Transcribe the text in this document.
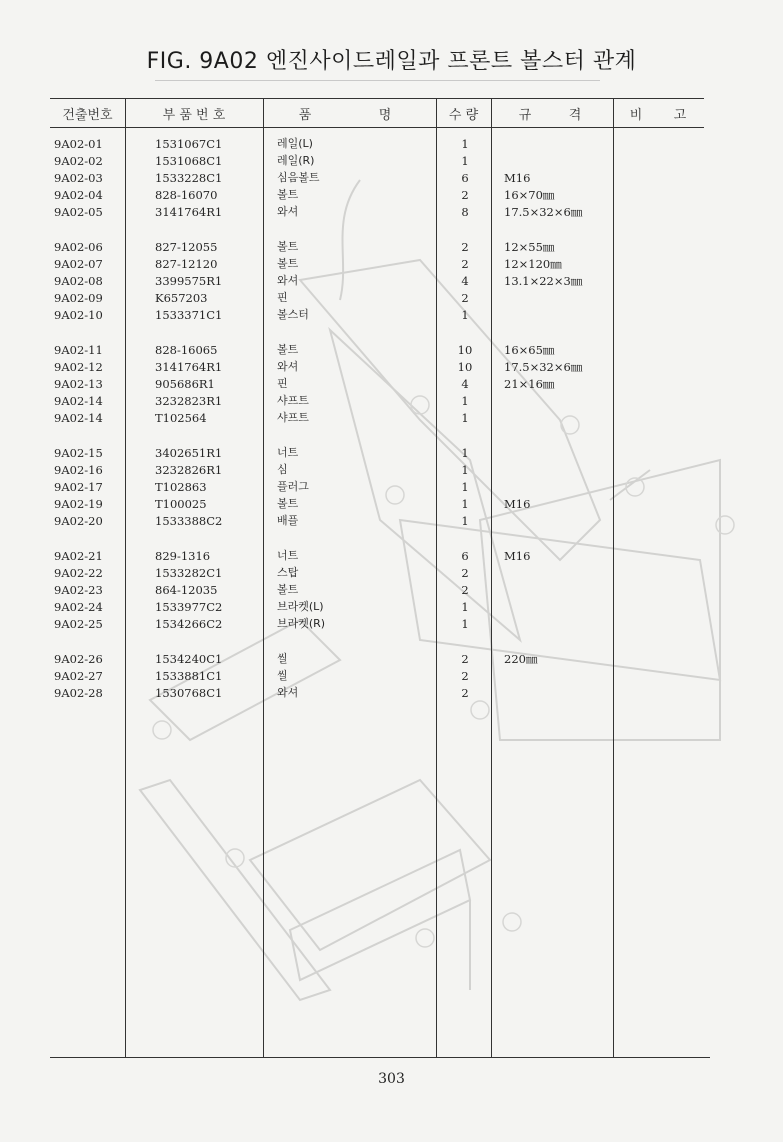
FIG. 9A02 엔진사이드레일과 프론트 볼스터 관계
건출번호	부 품 번 호	품	명	수 량	규	격	비 고
9A02-01	1531067C1	레일(L)	1
9A02-02	1531068C1	레일(R)	1
9A02-03	1533228C1	심음볼트	6	M16
9A02-04	828-16070	볼트	2	16×70㎜
9A02-05	3141764R1	와셔	8	17.5×32×6㎜
9A02-06	827-12055	볼트	2	12×55㎜
9A02-07	827-12120	볼트	2	12×120㎜
9A02-08	3399575R1	와셔	4	13.1×22×3㎜
9A02-09	K657203	핀	2
9A02-10	1533371C1	볼스터	1
9A02-11	828-16065	볼트	10	16×65㎜
9A02-12	3141764R1	와셔	10	17.5×32×6㎜
9A02-13	905686R1	핀	4	21×16㎜
9A02-14	3232823R1	샤프트	1
9A02-14	T102564	샤프트	1
9A02-15	3402651R1	너트	1
9A02-16	3232826R1	심	1
9A02-17	T102863	플러그	1
9A02-19	T100025	볼트	1	M16
9A02-20	1533388C2	배플	1
9A02-21	829-1316	너트	6	M16
9A02-22	1533282C1	스탑	2
9A02-23	864-12035	볼트	2
9A02-24	1533977C2	브라켓(L)	1
9A02-25	1534266C2	브라켓(R)	1
9A02-26	1534240C1	씰	2	220㎜
9A02-27	1533881C1	씰	2
9A02-28	1530768C1	와셔	2
303
